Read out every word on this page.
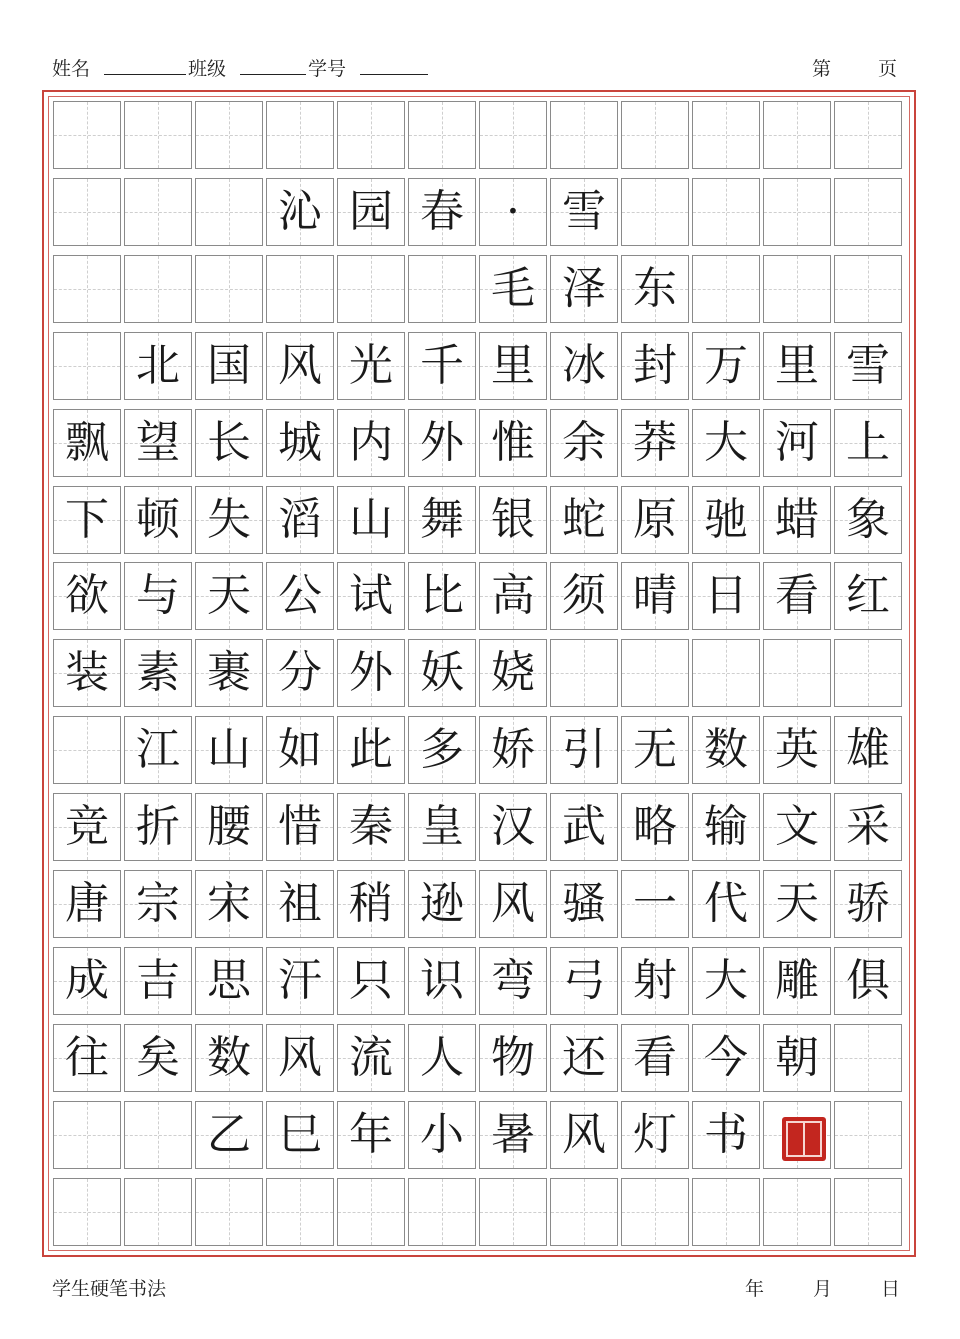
姓名	班级	学号	第 页
沁 园 春 · 雪
毛 泽 东
北 国 风 光 千 里 冰 封 万 里 雪
飘 望 长 城 内 外 惟 余 莽 大 河 上
下 顿 失 滔 山 舞 银 蛇 原 驰 蜡 象
欲 与 天 公 试 比 高 须 晴 日 看 红
装 素 裹 分 外 妖 娆
江 山 如 此 多 娇 引 无 数 英 雄
竞 折 腰 惜 秦 皇 汉 武 略 输 文 采
唐 宗 宋 祖 稍 逊 风 骚 一 代 天 骄
成 吉 思 汗 只 识 弯 弓 射 大 雕 俱
往 矣 数 风 流 人 物 还 看 今 朝
乙 巳 年 小 暑 风 灯 书
学生硬笔书法	年	月	日
